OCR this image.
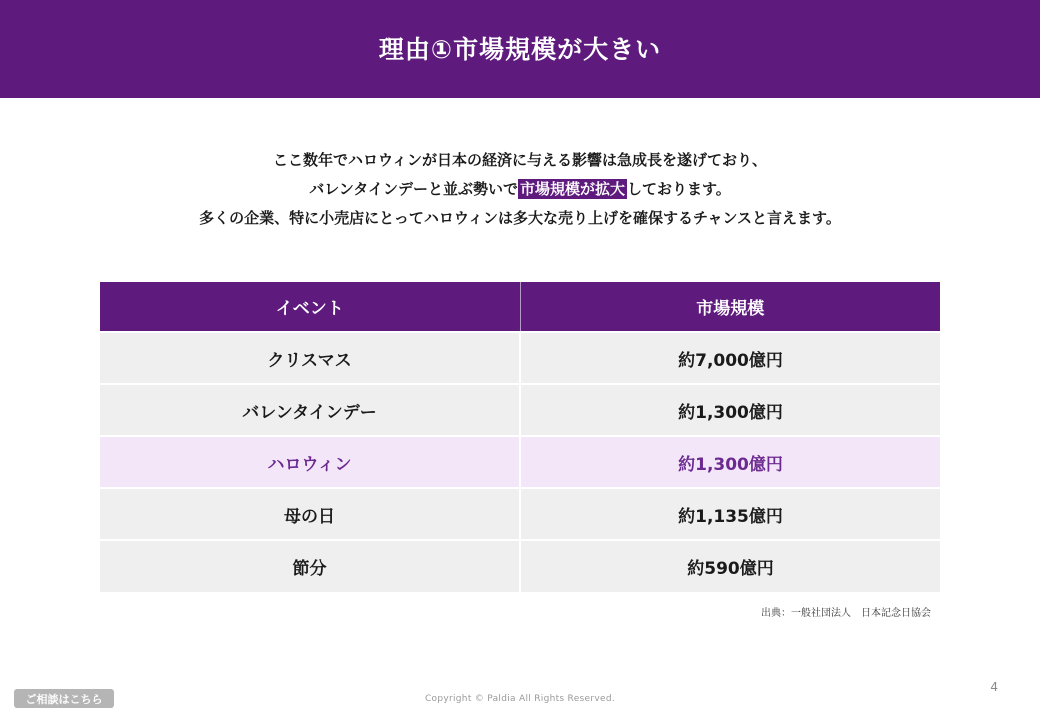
理由①市場規模が大きい
ここ数年でハロウィンが日本の経済に与える影響は急成長を遂げており、
バレンタインデーと並ぶ勢いで 市場規模が拡大 しております。
多くの企業、特に小売店にとってハロウィンは多大な売り上げを確保するチャンスと言えます。
イベント	市場規模
クリスマス	約7,000億円
バレンタインデー	約1,300億円
ハロウィン	約1,300億円
母の日	約1,135億円
節分	約590億円
出典：一般社団法人　日本記念日協会
4
ご相談はこちら	Copyright © Paldia All Rights Reserved.
